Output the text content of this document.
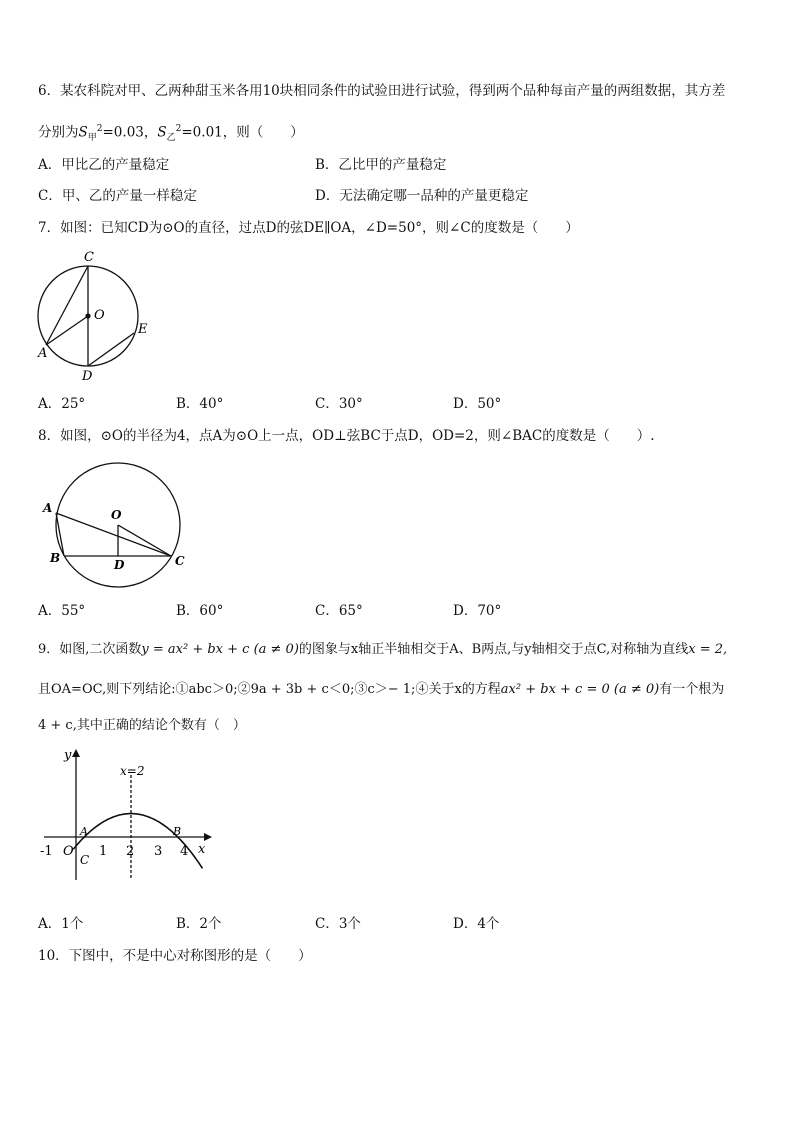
6．某农科院对甲、乙两种甜玉米各用10块相同条件的试验田进行试验，得到两个品种每亩产量的两组数据，其方差
分别为$S_甲^2=0.03$，$S_乙^2=0.01$，则（　　）
A．甲比乙的产量稳定	B．乙比甲的产量稳定
C．甲、乙的产量一样稳定	D．无法确定哪一品种的产量更稳定
7．如图：已知CD为⊙O的直径，过点D的弦DE∥OA，∠D=50°，则∠C的度数是（　　）
C
O
E
A
D
A．25°	B．40°	C．30°	D．50°
8．如图，⊙O的半径为4，点A为⊙O上一点，OD⊥弦BC于点D，OD=2，则∠BAC的度数是（　　）.
A	O
B	D	C
A．55°	B．60°	C．65°	D．70°
9．如图,二次函数y = ax² + bx + c (a ≠ 0)的图象与x轴正半轴相交于A、B两点,与y轴相交于点C,对称轴为直线x = 2,
且OA=OC,则下列结论:①abc＞0;②9a + 3b + c＜0;③c＞− 1;④关于x的方程ax² + bx + c = 0 (a ≠ 0)有一个根为
4 + c,其中正确的结论个数有（　）
y
x
x=2
-1 O 1 2 3 4
A	B
C
A．1个	B．2个	C．3个	D．4个
10．下图中，不是中心对称图形的是（　　）
